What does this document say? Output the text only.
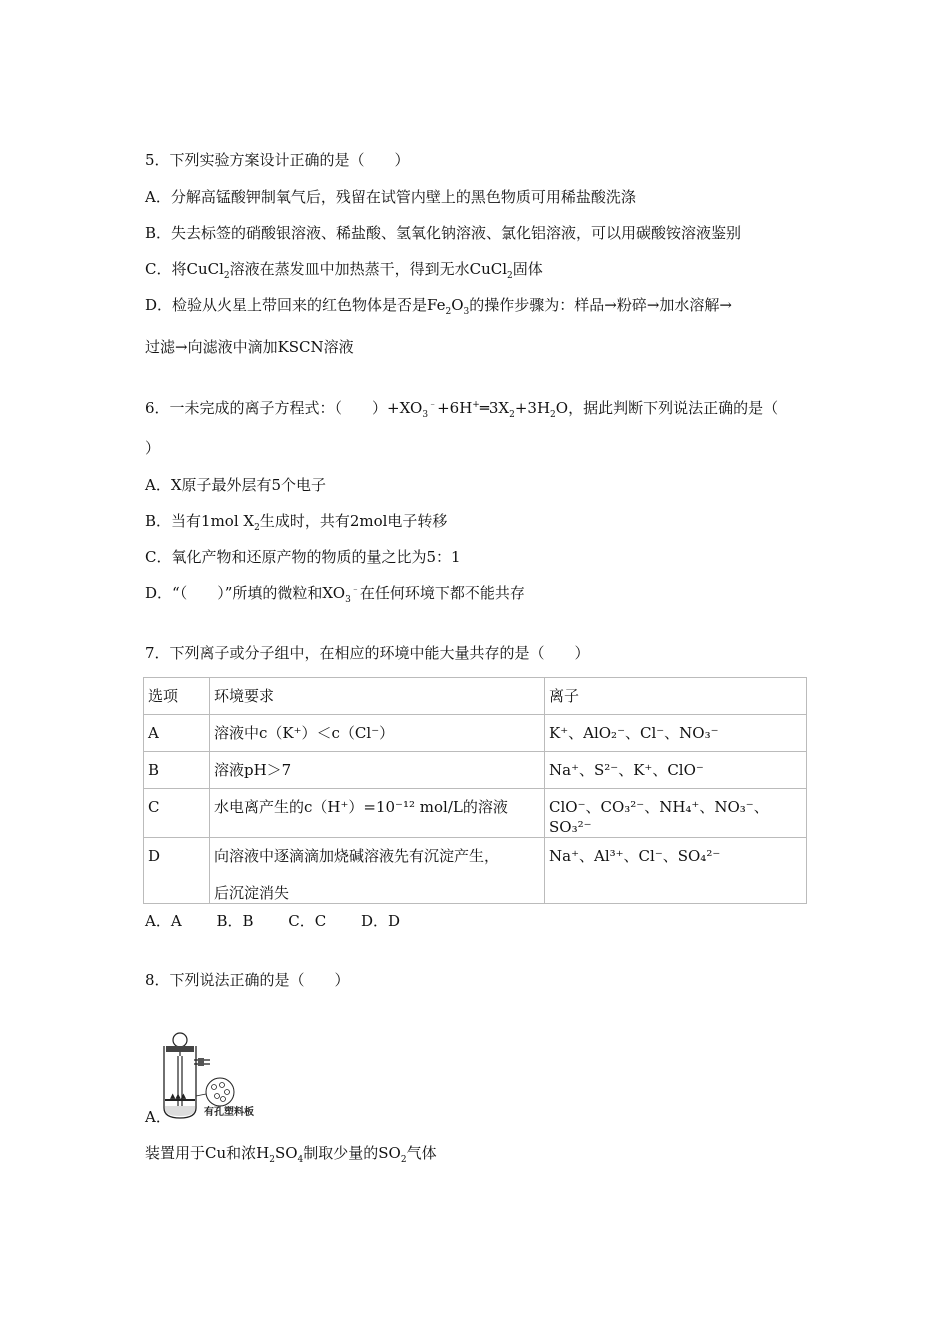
5．下列实验方案设计正确的是（　　）
A．分解高锰酸钾制氧气后，残留在试管内壁上的黑色物质可用稀盐酸洗涤
B．失去标签的硝酸银溶液、稀盐酸、氢氧化钠溶液、氯化铝溶液，可以用碳酸铵溶液鉴别
C．将CuCl$_2$溶液在蒸发皿中加热蒸干，得到无水CuCl$_2$固体
D．检验从火星上带回来的红色物体是否是$Fe_2O_3$的操作步骤为：样品→粉碎→加水溶解→
过滤→向滤液中滴加KSCN溶液
6．一未完成的离子方程式：（　　）$+XO_3^﹣+6H^+═3X_2+3H_2O$，据此判断下列说法正确的是（
）
A．X原子最外层有5个电子
B．当有1mol $X_2$生成时，共有2mol电子转移
C．氧化产物和还原产物的物质的量之比为5：1
D．“（　　）”所填的微粒和$XO_3^﹣$在任何环境下都不能共存
7．下列离子或分子组中，在相应的环境中能大量共存的是（　　）
选项	环境要求	离子
A	溶液中c（K⁺）＜c（Cl⁻）	K⁺、AlO₂⁻、Cl⁻、NO₃⁻
B	溶液pH＞7	Na⁺、S²⁻、K⁺、ClO⁻
C	水电离产生的c（H⁺）=10⁻¹² mol/L的溶液	ClO⁻、CO₃²⁻、NH₄⁺、NO₃⁻、SO₃²⁻
D	向溶液中逐滴滴加烧碱溶液先有沉淀产生，
后沉淀消失	Na⁺、Al³⁺、Cl⁻、SO₄²⁻
A．A B．B C．C D．D
8．下列说法正确的是（　　）
▲▲▲
有孔塑料板
A．
装置用于Cu和浓$H_2SO_4$制取少量的$SO_2$气体
